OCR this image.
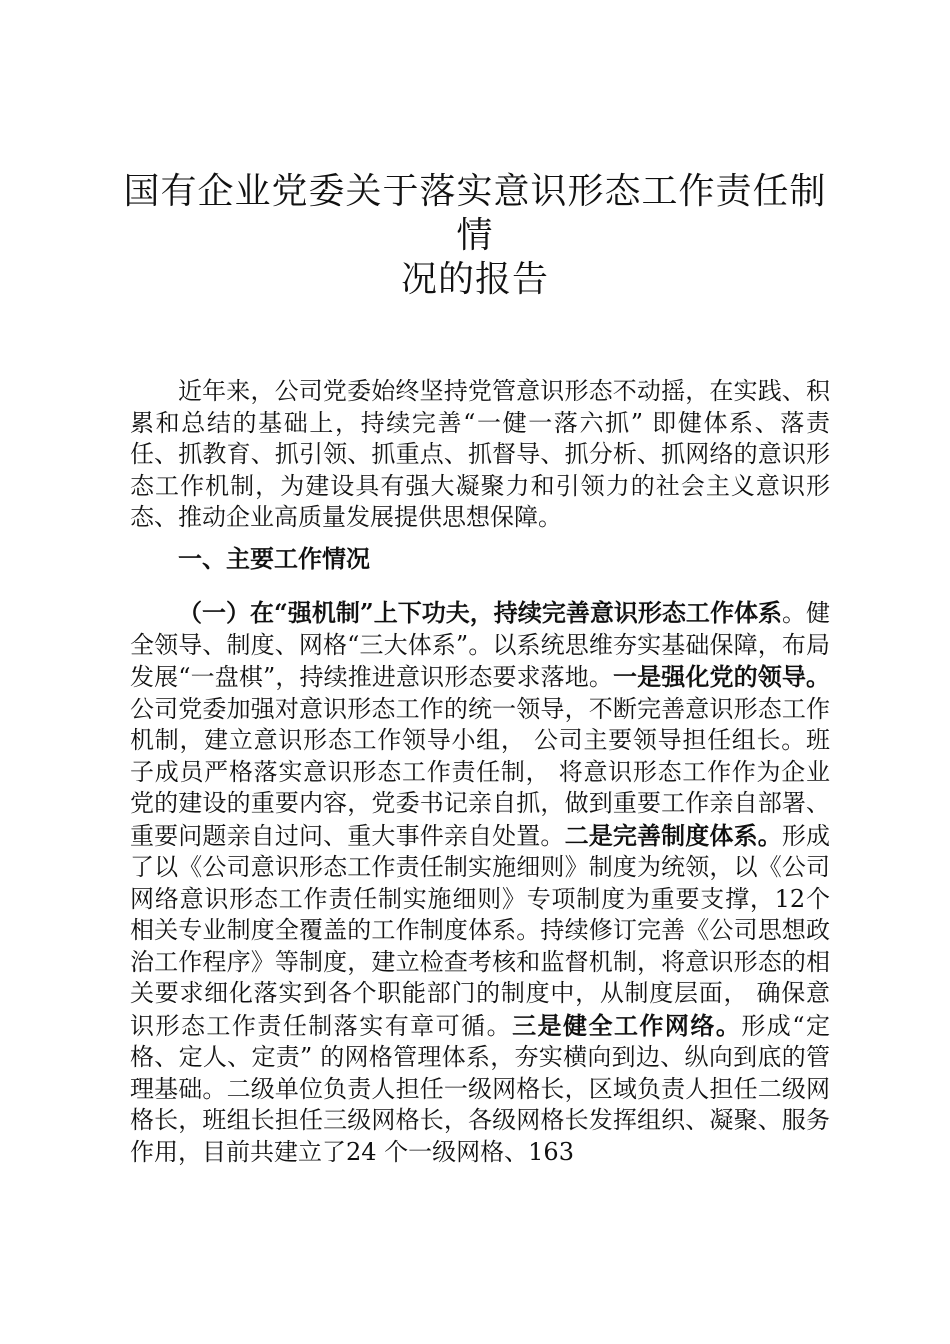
国有企业党委关于落实意识形态工作责任制情
况的报告

近年来，公司党委始终坚持党管意识形态不动摇，在实践、积累和总结的基础上，持续完善“一健一落六抓” 即健体系、落责任、抓教育、抓引领、抓重点、抓督导、抓分析、抓网络的意识形态工作机制，为建设具有强大凝聚力和引领力的社会主义意识形态、推动企业高质量发展提供思想保障。

一、主要工作情况

（一）在“强机制”上下功夫，持续完善意识形态工作体系。健全领导、制度、网格“三大体系”。以系统思维夯实基础保障，布局发展“一盘棋”，持续推进意识形态要求落地。一是强化党的领导。公司党委加强对意识形态工作的统一领导，不断完善意识形态工作机制，建立意识形态工作领导小组， 公司主要领导担任组长。班子成员严格落实意识形态工作责任制， 将意识形态工作作为企业党的建设的重要内容，党委书记亲自抓，做到重要工作亲自部署、重要问题亲自过问、重大事件亲自处置。二是完善制度体系。形成了以《公司意识形态工作责任制实施细则》制度为统领，以《公司网络意识形态工作责任制实施细则》专项制度为重要支撑，12个相关专业制度全覆盖的工作制度体系。持续修订完善《公司思想政治工作程序》等制度，建立检查考核和监督机制，将意识形态的相关要求细化落实到各个职能部门的制度中，从制度层面， 确保意识形态工作责任制落实有章可循。三是健全工作网络。形成“定格、定人、定责” 的网格管理体系，夯实横向到边、纵向到底的管理基础。二级单位负责人担任一级网格长，区域负责人担任二级网格长，班组长担任三级网格长，各级网格长发挥组织、凝聚、服务作用，目前共建立了24 个一级网格、163
